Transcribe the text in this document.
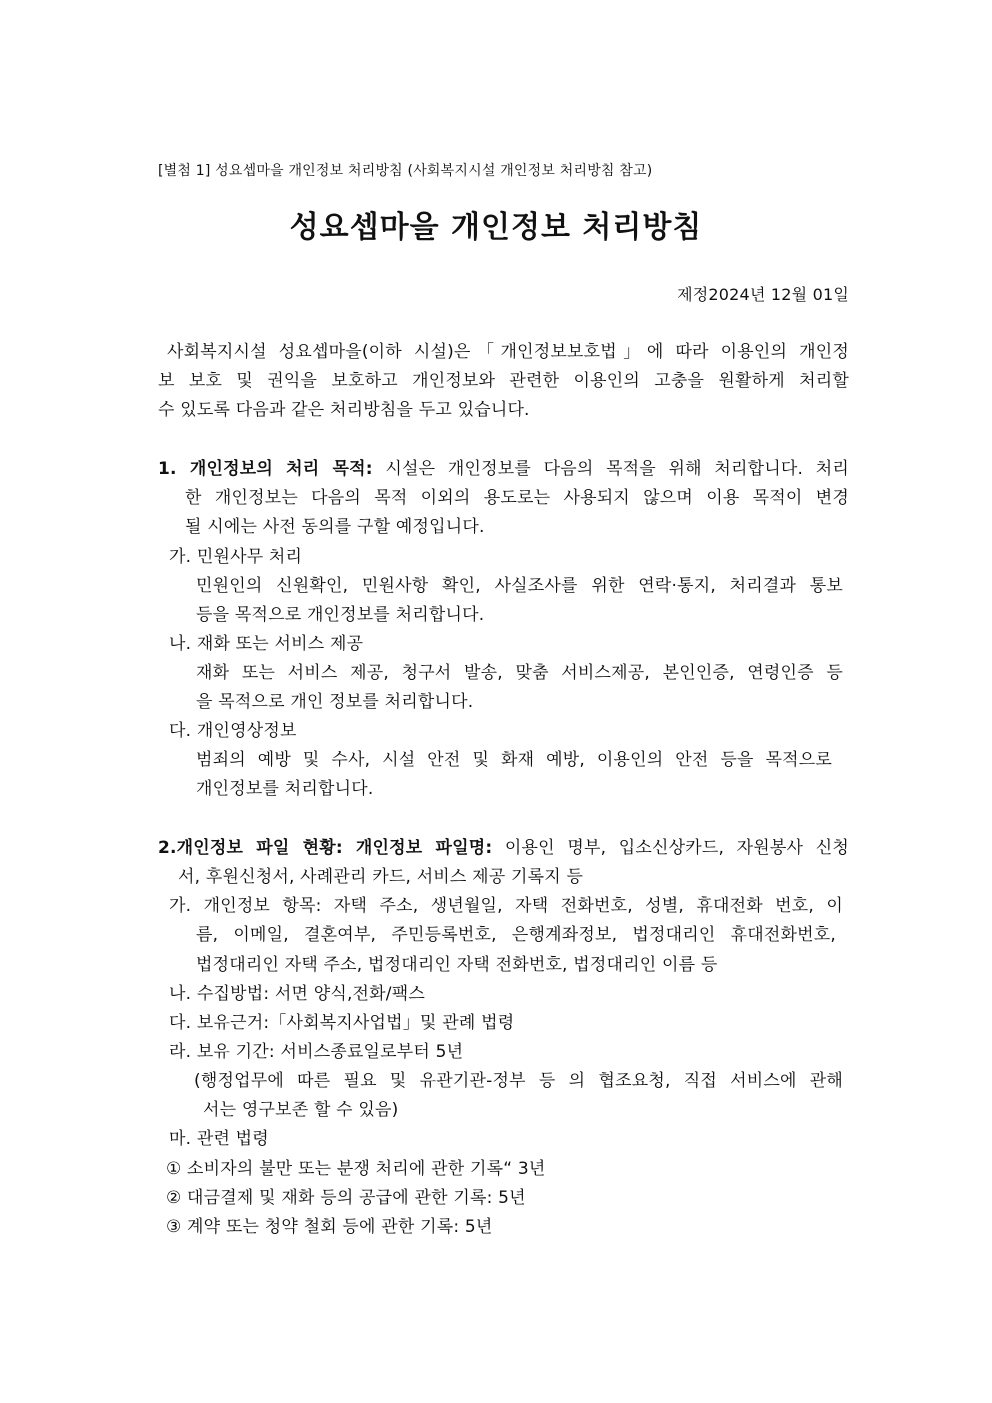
[별첨 1] 성요셉마을 개인정보 처리방침 (사회복지시설 개인정보 처리방침 참고)
성요셉마을 개인정보 처리방침
제정2024년 12월 01일
사회복지시설 성요셉마을(이하 시설)은「개인정보보호법」에 따라 이용인의 개인정
보 보호 및 권익을 보호하고 개인정보와 관련한 이용인의 고충을 원활하게 처리할
수 있도록 다음과 같은 처리방침을 두고 있습니다.
1. 개인정보의 처리 목적: 시설은 개인정보를 다음의 목적을 위해 처리합니다. 처리
한 개인정보는 다음의 목적 이외의 용도로는 사용되지 않으며 이용 목적이 변경
될 시에는 사전 동의를 구할 예정입니다.
가. 민원사무 처리
민원인의 신원확인, 민원사항 확인, 사실조사를 위한 연락·통지, 처리결과 통보
등을 목적으로 개인정보를 처리합니다.
나. 재화 또는 서비스 제공
재화 또는 서비스 제공, 청구서 발송, 맞춤 서비스제공, 본인인증, 연령인증 등
을 목적으로 개인 정보를 처리합니다.
다. 개인영상정보
범죄의 예방 및 수사, 시설 안전 및 화재 예방, 이용인의 안전 등을 목적으로
개인정보를 처리합니다.
2.개인정보 파일 현황: 개인정보 파일명: 이용인 명부, 입소신상카드, 자원봉사 신청
서, 후원신청서, 사례관리 카드, 서비스 제공 기록지 등
가. 개인정보 항목: 자택 주소, 생년월일, 자택 전화번호, 성별, 휴대전화 번호, 이
름, 이메일, 결혼여부, 주민등록번호, 은행계좌정보, 법정대리인 휴대전화번호,
법정대리인 자택 주소, 법정대리인 자택 전화번호, 법정대리인 이름 등
나. 수집방법: 서면 양식,전화/팩스
다. 보유근거:「사회복지사업법」및 관례 법령
라. 보유 기간: 서비스종료일로부터 5년
(행정업무에 따른 필요 및 유관기관-정부 등 의 협조요청, 직접 서비스에 관해
서는 영구보존 할 수 있음)
마. 관련 법령
① 소비자의 불만 또는 분쟁 처리에 관한 기록“ 3년
② 대금결제 및 재화 등의 공급에 관한 기록: 5년
③ 계약 또는 청약 철회 등에 관한 기록: 5년
